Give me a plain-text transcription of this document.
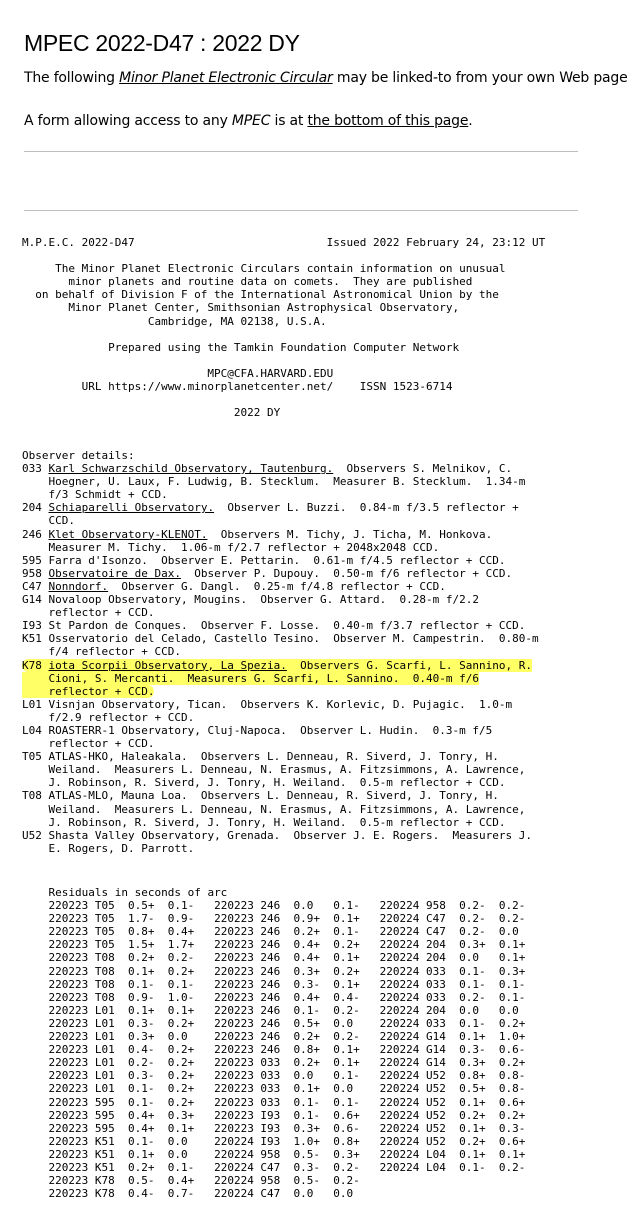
MPEC 2022-D47 : 2022 DY
The following Minor Planet Electronic Circular may be linked-to from your own Web page
A form allowing access to any MPEC is at the bottom of this page.
M.P.E.C. 2022-D47	Issued 2022 February 24, 23:12 UT

The Minor Planet Electronic Circulars contain information on unusual
minor planets and routine data on comets.  They are published
on behalf of Division F of the International Astronomical Union by the
Minor Planet Center, Smithsonian Astrophysical Observatory,
Cambridge, MA 02138, U.S.A.

Prepared using the Tamkin Foundation Computer Network

MPC@CFA.HARVARD.EDU
URL https://www.minorplanetcenter.net/    ISSN 1523-6714

2022 DY

Observer details:
033 Karl Schwarzschild Observatory, Tautenburg.  Observers S. Melnikov, C.
Hoegner, U. Laux, F. Ludwig, B. Stecklum.  Measurer B. Stecklum.  1.34-m
f/3 Schmidt + CCD.
204 Schiaparelli Observatory.  Observer L. Buzzi.  0.84-m f/3.5 reflector +
CCD.
246 Klet Observatory-KLENOT.  Observers M. Tichy, J. Ticha, M. Honkova.
Measurer M. Tichy.  1.06-m f/2.7 reflector + 2048x2048 CCD.
595 Farra d'Isonzo.  Observer E. Pettarin.  0.61-m f/4.5 reflector + CCD.
958 Observatoire de Dax.  Observer P. Dupouy.  0.50-m f/6 reflector + CCD.
C47 Nonndorf.  Observer G. Dangl.  0.25-m f/4.8 reflector + CCD.
G14 Novaloop Observatory, Mougins.  Observer G. Attard.  0.28-m f/2.2
reflector + CCD.
I93 St Pardon de Conques.  Observer F. Losse.  0.40-m f/3.7 reflector + CCD.
K51 Osservatorio del Celado, Castello Tesino.  Observer M. Campestrin.  0.80-m
f/4 reflector + CCD.
K78 iota Scorpii Observatory, La Spezia.  Observers G. Scarfi, L. Sannino, R.
Cioni, S. Mercanti.  Measurers G. Scarfi, L. Sannino.  0.40-m f/6
reflector + CCD.
L01 Visnjan Observatory, Tican.  Observers K. Korlevic, D. Pujagic.  1.0-m
f/2.9 reflector + CCD.
L04 ROASTERR-1 Observatory, Cluj-Napoca.  Observer L. Hudin.  0.3-m f/5
reflector + CCD.
T05 ATLAS-HKO, Haleakala.  Observers L. Denneau, R. Siverd, J. Tonry, H.
Weiland.  Measurers L. Denneau, N. Erasmus, A. Fitzsimmons, A. Lawrence,
J. Robinson, R. Siverd, J. Tonry, H. Weiland.  0.5-m reflector + CCD.
T08 ATLAS-MLO, Mauna Loa.  Observers L. Denneau, R. Siverd, J. Tonry, H.
Weiland.  Measurers L. Denneau, N. Erasmus, A. Fitzsimmons, A. Lawrence,
J. Robinson, R. Siverd, J. Tonry, H. Weiland.  0.5-m reflector + CCD.
U52 Shasta Valley Observatory, Grenada.  Observer J. E. Rogers.  Measurers J.
E. Rogers, D. Parrott.

Residuals in seconds of arc
220223 T05  0.5+  0.1-   220223 246  0.0   0.1-   220224 958  0.2-  0.2-
220223 T05  1.7-  0.9-   220223 246  0.9+  0.1+   220224 C47  0.2-  0.2-
220223 T05  0.8+  0.4+   220223 246  0.2+  0.1-   220224 C47  0.2-  0.0
220223 T05  1.5+  1.7+   220223 246  0.4+  0.2+   220224 204  0.3+  0.1+
220223 T08  0.2+  0.2-   220223 246  0.4+  0.1+   220224 204  0.0   0.1+
220223 T08  0.1+  0.2+   220223 246  0.3+  0.2+   220224 033  0.1-  0.3+
220223 T08  0.1-  0.1-   220223 246  0.3-  0.1+   220224 033  0.1-  0.1-
220223 T08  0.9-  1.0-   220223 246  0.4+  0.4-   220224 033  0.2-  0.1-
220223 L01  0.1+  0.1+   220223 246  0.1-  0.2-   220224 204  0.0   0.0
220223 L01  0.3-  0.2+   220223 246  0.5+  0.0    220224 033  0.1-  0.2+
220223 L01  0.3+  0.0    220223 246  0.2+  0.2-   220224 G14  0.1+  1.0+
220223 L01  0.4-  0.2+   220223 246  0.8+  0.1+   220224 G14  0.3-  0.6-
220223 L01  0.2-  0.2+   220223 033  0.2+  0.1+   220224 G14  0.3+  0.2+
220223 L01  0.3-  0.2+   220223 033  0.0   0.1-   220224 U52  0.8+  0.8-
220223 L01  0.1-  0.2+   220223 033  0.1+  0.0    220224 U52  0.5+  0.8-
220223 595  0.1-  0.2+   220223 033  0.1-  0.1-   220224 U52  0.1+  0.6+
220223 595  0.4+  0.3+   220223 I93  0.1-  0.6+   220224 U52  0.2+  0.2+
220223 595  0.4+  0.1+   220223 I93  0.3+  0.6-   220224 U52  0.1+  0.3-
220223 K51  0.1-  0.0    220224 I93  1.0+  0.8+   220224 U52  0.2+  0.6+
220223 K51  0.1+  0.0    220224 958  0.5-  0.3+   220224 L04  0.1+  0.1+
220223 K51  0.2+  0.1-   220224 C47  0.3-  0.2-   220224 L04  0.1-  0.2-
220223 K78  0.5-  0.4+   220224 958  0.5-  0.2-
220223 K78  0.4-  0.7-   220224 C47  0.0   0.0
